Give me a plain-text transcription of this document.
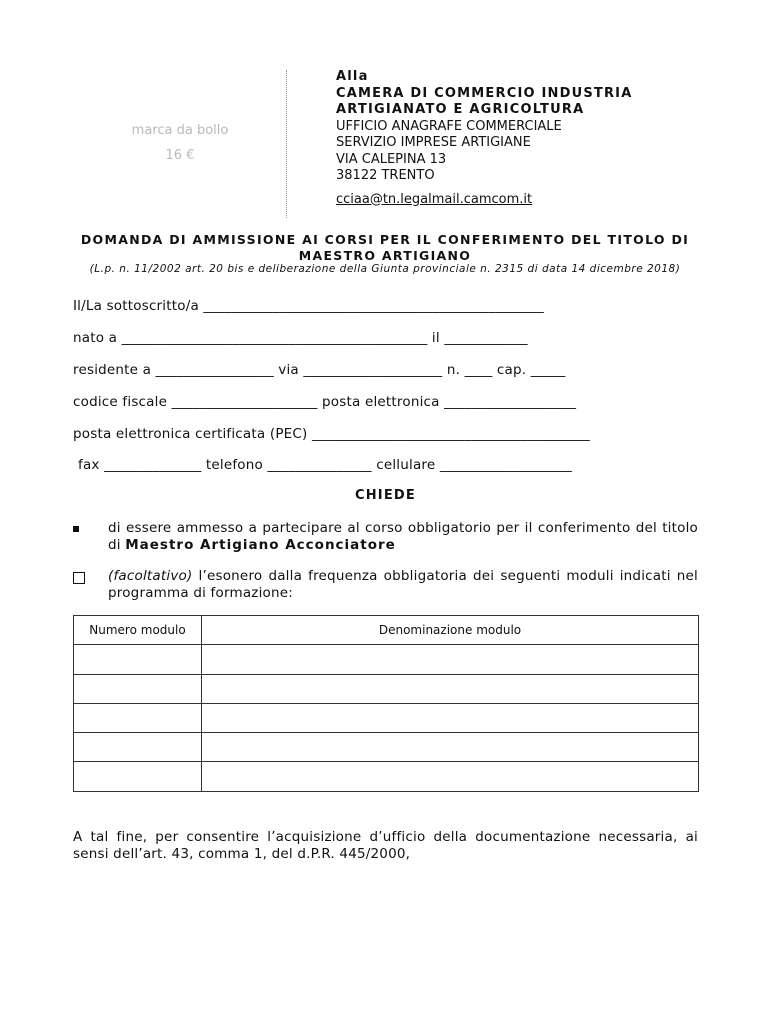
marca da bollo
16 €
Alla
CAMERA DI COMMERCIO INDUSTRIA
ARTIGIANATO E AGRICOLTURA
UFFICIO ANAGRAFE COMMERCIALE
SERVIZIO IMPRESE ARTIGIANE
VIA CALEPINA 13
38122 TRENTO
cciaa@tn.legalmail.camcom.it
DOMANDA DI AMMISSIONE AI CORSI PER IL CONFERIMENTO DEL TITOLO DI
MAESTRO ARTIGIANO
(L.p. n. 11/2002 art. 20 bis e deliberazione della Giunta provinciale n. 2315 di data 14 dicembre 2018)
Il/La sottoscritto/a _________________________________________________
nato a ____________________________________________ il ____________
residente a _________________ via ____________________ n. ____ cap. _____
codice fiscale _____________________ posta elettronica ___________________
posta elettronica certificata (PEC) ________________________________________
fax ______________ telefono _______________ cellulare ___________________
CHIEDE
di essere ammesso a partecipare al corso obbligatorio per il conferimento del titolo di Maestro Artigiano Acconciatore
(facoltativo) l’esonero dalla frequenza obbligatoria dei seguenti moduli indicati nel programma di formazione:
Numero modulo	Denominazione modulo

A tal fine, per consentire l’acquisizione d’ufficio della documentazione necessaria, ai sensi dell’art. 43, comma 1, del d.P.R. 445/2000,
